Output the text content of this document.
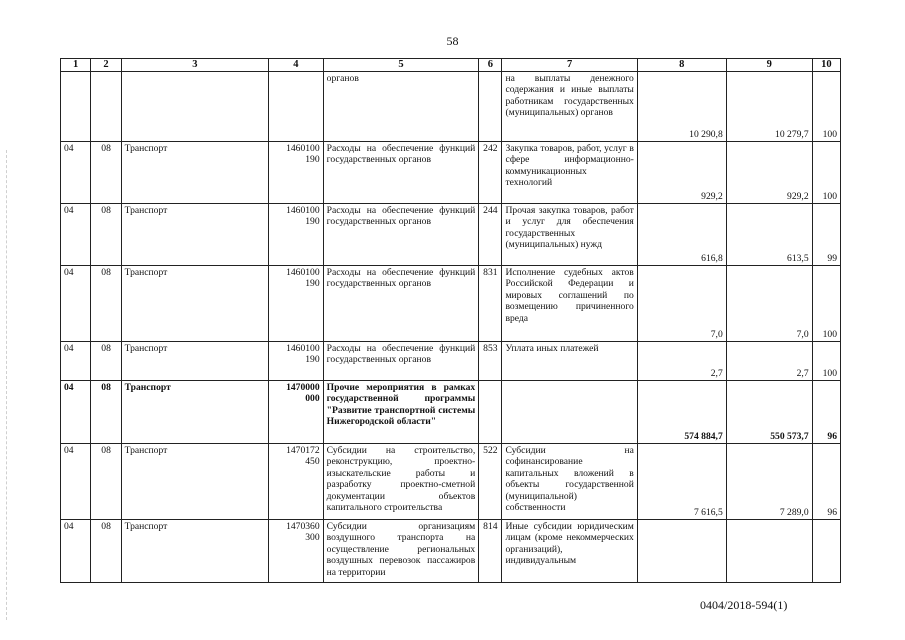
58
1	2	3	4	5	6	7	8	9	10
				органов		на выплаты денежного содержания и иные выплаты работникам государственных (муниципальных) органов	10 290,8	10 279,7	100
04	08	Транспорт	1460100 190	Расходы на обеспечение функций государственных органов	242	Закупка товаров, работ, услуг в сфере информационно-коммуникационных технологий	929,2	929,2	100
04	08	Транспорт	1460100 190	Расходы на обеспечение функций государственных органов	244	Прочая закупка товаров, работ и услуг для обеспечения государственных (муниципальных) нужд	616,8	613,5	99
04	08	Транспорт	1460100 190	Расходы на обеспечение функций государственных органов	831	Исполнение судебных актов Российской Федерации и мировых соглашений по возмещению причиненного вреда	7,0	7,0	100
04	08	Транспорт	1460100 190	Расходы на обеспечение функций государственных органов	853	Уплата иных платежей	2,7	2,7	100
04	08	Транспорт	1470000 000	Прочие мероприятия в рамках государственной программы "Развитие транспортной системы Нижегородской области"			574 884,7	550 573,7	96
04	08	Транспорт	1470172 450	Субсидии на строительство, реконструкцию, проектно-изыскательские работы и разработку проектно-сметной документации объектов капитального строительства	522	Субсидии на софинансирование капитальных вложений в объекты государственной (муниципальной) собственности	7 616,5	7 289,0	96
04	08	Транспорт	1470360 300	Субсидии организациям воздушного транспорта на осуществление региональных воздушных перевозок пассажиров на территории	814	Иные субсидии юридическим лицам (кроме некоммерческих организаций), индивидуальным			
0404/2018-594(1)
